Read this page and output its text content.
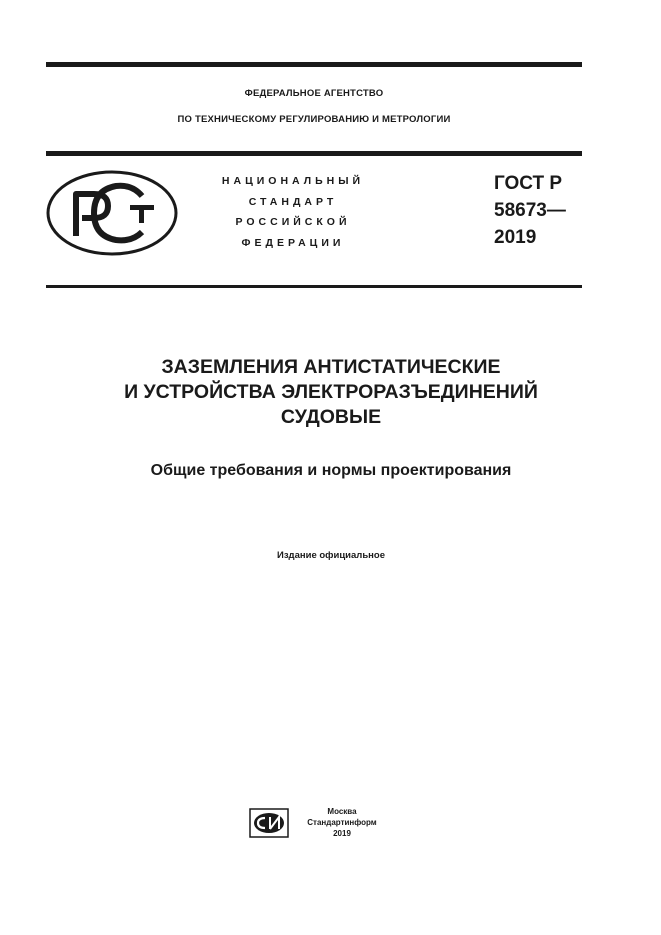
ФЕДЕРАЛЬНОЕ АГЕНТСТВО
ПО ТЕХНИЧЕСКОМУ РЕГУЛИРОВАНИЮ И МЕТРОЛОГИИ
НАЦИОНАЛЬНЫЙ
СТАНДАРТ
РОССИЙСКОЙ
ФЕДЕРАЦИИ
ГОСТ Р
58673—
2019
ЗАЗЕМЛЕНИЯ АНТИСТАТИЧЕСКИЕ
И УСТРОЙСТВА ЭЛЕКТРОРАЗЪЕДИНЕНИЙ
СУДОВЫЕ
Общие требования и нормы проектирования
Издание официальное
Москва
Стандартинформ
2019
